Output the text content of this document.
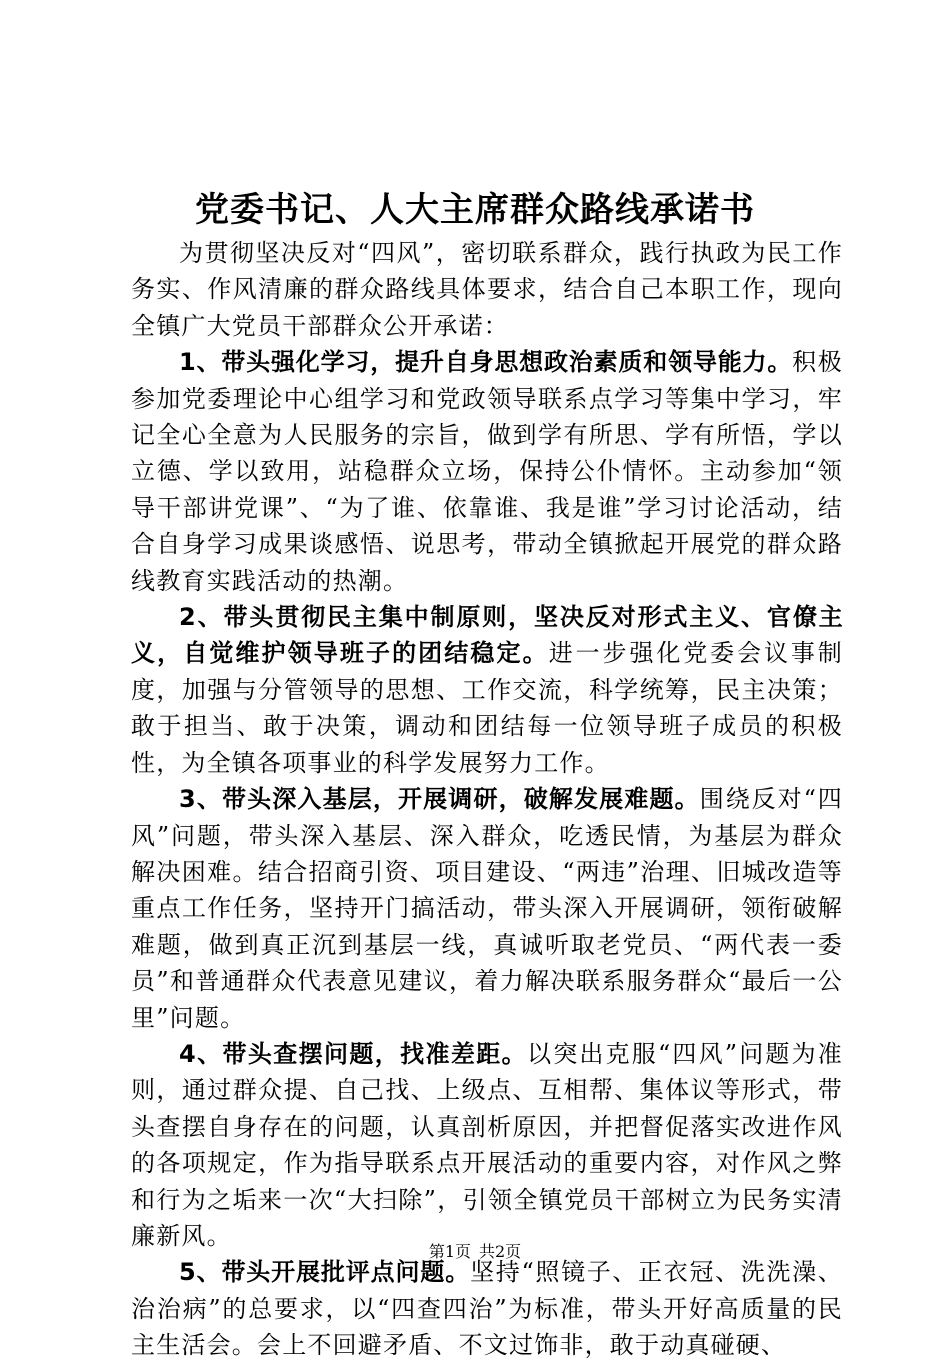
党委书记、人大主席群众路线承诺书

为贯彻坚决反对“四风”，密切联系群众，践行执政为民工作务实、作风清廉的群众路线具体要求，结合自己本职工作，现向全镇广大党员干部群众公开承诺：

1、带头强化学习，提升自身思想政治素质和领导能力。积极参加党委理论中心组学习和党政领导联系点学习等集中学习，牢记全心全意为人民服务的宗旨，做到学有所思、学有所悟，学以立德、学以致用，站稳群众立场，保持公仆情怀。主动参加“领导干部讲党课”、“为了谁、依靠谁、我是谁”学习讨论活动，结合自身学习成果谈感悟、说思考，带动全镇掀起开展党的群众路线教育实践活动的热潮。

2、带头贯彻民主集中制原则，坚决反对形式主义、官僚主义，自觉维护领导班子的团结稳定。进一步强化党委会议事制度，加强与分管领导的思想、工作交流，科学统筹，民主决策；敢于担当、敢于决策，调动和团结每一位领导班子成员的积极性，为全镇各项事业的科学发展努力工作。

3、带头深入基层，开展调研，破解发展难题。围绕反对“四风”问题，带头深入基层、深入群众，吃透民情，为基层为群众解决困难。结合招商引资、项目建设、“两违”治理、旧城改造等重点工作任务，坚持开门搞活动，带头深入开展调研，领衔破解难题，做到真正沉到基层一线，真诚听取老党员、“两代表一委员”和普通群众代表意见建议，着力解决联系服务群众“最后一公里”问题。

4、带头查摆问题，找准差距。以突出克服“四风”问题为准则，通过群众提、自己找、上级点、互相帮、集体议等形式，带头查摆自身存在的问题，认真剖析原因，并把督促落实改进作风的各项规定，作为指导联系点开展活动的重要内容，对作风之弊和行为之垢来一次“大扫除”，引领全镇党员干部树立为民务实清廉新风。

5、带头开展批评点问题。坚持“照镜子、正衣冠、洗洗澡、治治病”的总要求，以“四查四治”为标准，带头开好高质量的民主生活会。会上不回避矛盾、不文过饰非，敢于动真碰硬、

第1页 共2页
